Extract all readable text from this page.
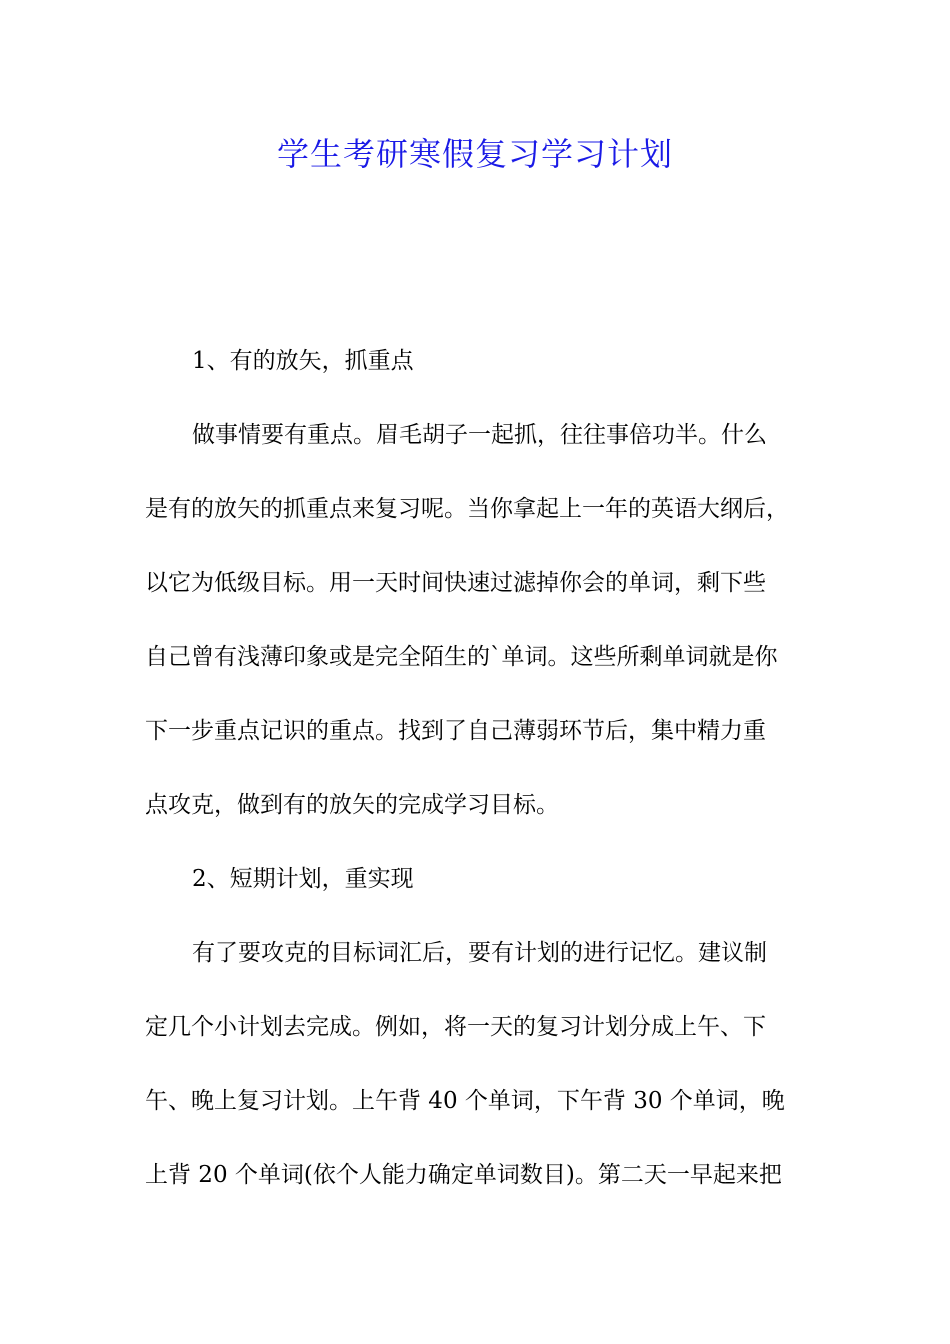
学生考研寒假复习学习计划

1、有的放矢，抓重点

做事情要有重点。眉毛胡子一起抓，往往事倍功半。什么
是有的放矢的抓重点来复习呢。当你拿起上一年的英语大纲后，
以它为低级目标。用一天时间快速过滤掉你会的单词，剩下些
自己曾有浅薄印象或是完全陌生的`单词。这些所剩单词就是你
下一步重点记识的重点。找到了自己薄弱环节后，集中精力重
点攻克，做到有的放矢的完成学习目标。

2、短期计划，重实现

有了要攻克的目标词汇后，要有计划的进行记忆。建议制
定几个小计划去完成。例如，将一天的复习计划分成上午、下
午、晚上复习计划。上午背 40 个单词，下午背 30 个单词，晚
上背 20 个单词(依个人能力确定单词数目)。第二天一早起来把
